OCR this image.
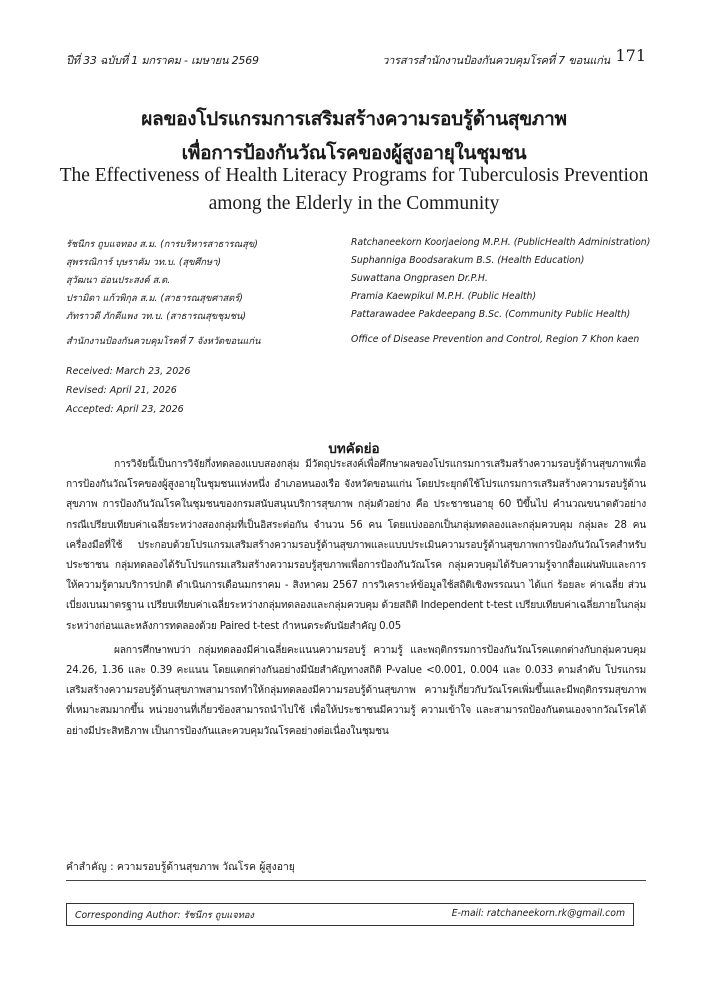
ปีที่ 33 ฉบับที่ 1 มกราคม - เมษายน 2569	วารสารสำนักงานป้องกันควบคุมโรคที่ 7 ขอนแก่น 171
ผลของโปรแกรมการเสริมสร้างความรอบรู้ด้านสุขภาพ
เพื่อการป้องกันวัณโรคของผู้สูงอายุในชุมชน
The Effectiveness of Health Literacy Programs for Tuberculosis Prevention
among the Elderly in the Community
รัชนีกร ถูบแจทอง ส.ม. (การบริหารสาธารณสุข)	Ratchaneekorn Koorjaeiong M.P.H. (PublicHealth Administration)
สุพรรณิการ์ บุษราคัม วท.บ. (สุขศึกษา)	Suphanniga Boodsarakum B.S. (Health Education)
สุวัฒนา อ่อนประสงค์ ส.ด.	Suwattana Ongprasen Dr.P.H.
ปรามิดา แก้วพิกุล ส.ม. (สาธารณสุขศาสตร์)	Pramia Kaewpikul M.P.H. (Public Health)
ภัทราวดี ภักดีแพง วท.บ. (สาธารณสุขชุมชน)	Pattarawadee Pakdeepang B.Sc. (Community Public Health)
สำนักงานป้องกันควบคุมโรคที่ 7 จังหวัดขอนแก่น	Office of Disease Prevention and Control, Region 7 Khon kaen
Received: March 23, 2026
Revised: April 21, 2026
Accepted: April 23, 2026
บทคัดย่อ

การวิจัยนี้เป็นการวิจัยกึ่งทดลองแบบสองกลุ่ม มีวัตถุประสงค์เพื่อศึกษาผลของโปรแกรมการเสริมสร้างความรอบรู้ด้านสุขภาพเพื่อการป้องกันวัณโรคของผู้สูงอายุในชุมชนแห่งหนึ่ง อำเภอหนองเรือ จังหวัดขอนแก่น โดยประยุกต์ใช้โปรแกรมการเสริมสร้างความรอบรู้ด้านสุขภาพ การป้องกันวัณโรคในชุมชนของกรมสนับสนุนบริการสุขภาพ กลุ่มตัวอย่าง คือ ประชาชนอายุ 60 ปีขึ้นไป คำนวณขนาดตัวอย่างกรณีเปรียบเทียบค่าเฉลี่ยระหว่างสองกลุ่มที่เป็นอิสระต่อกัน จำนวน 56 คน โดยแบ่งออกเป็นกลุ่มทดลองและกลุ่มควบคุม กลุ่มละ 28 คน เครื่องมือที่ใช้ ประกอบด้วยโปรแกรมเสริมสร้างความรอบรู้ด้านสุขภาพและแบบประเมินความรอบรู้ด้านสุขภาพการป้องกันวัณโรคสำหรับประชาชน กลุ่มทดลองได้รับโปรแกรมเสริมสร้างความรอบรู้สุขภาพเพื่อการป้องกันวัณโรค กลุ่มควบคุมได้รับความรู้จากสื่อแผ่นพับและการให้ความรู้ตามบริการปกติ ดำเนินการเดือนมกราคม - สิงหาคม 2567 การวิเคราะห์ข้อมูลใช้สถิติเชิงพรรณนา ได้แก่ ร้อยละ ค่าเฉลี่ย ส่วนเบี่ยงเบนมาตรฐาน เปรียบเทียบค่าเฉลี่ยระหว่างกลุ่มทดลองและกลุ่มควบคุม ด้วยสถิติ Independent t-test เปรียบเทียบค่าเฉลี่ยภายในกลุ่ม ระหว่างก่อนและหลังการทดลองด้วย Paired t-test กำหนดระดับนัยสำคัญ 0.05

ผลการศึกษาพบว่า กลุ่มทดลองมีค่าเฉลี่ยคะแนนความรอบรู้ ความรู้ และพฤติกรรมการป้องกันวัณโรคแตกต่างกับกลุ่มควบคุม 24.26, 1.36 และ 0.39 คะแนน โดยแตกต่างกันอย่างมีนัยสำคัญทางสถิติ P-value <0.001, 0.004 และ 0.033 ตามลำดับ โปรแกรมเสริมสร้างความรอบรู้ด้านสุขภาพสามารถทำให้กลุ่มทดลองมีความรอบรู้ด้านสุขภาพ ความรู้เกี่ยวกับวัณโรคเพิ่มขึ้นและมีพฤติกรรมสุขภาพที่เหมาะสมมากขึ้น หน่วยงานที่เกี่ยวข้องสามารถนำไปใช้ เพื่อให้ประชาชนมีความรู้ ความเข้าใจ และสามารถป้องกันตนเองจากวัณโรคได้อย่างมีประสิทธิภาพ เป็นการป้องกันและควบคุมวัณโรคอย่างต่อเนื่องในชุมชน

คำสำคัญ : ความรอบรู้ด้านสุขภาพ วัณโรค ผู้สูงอายุ
Corresponding Author: รัชนีกร ถูบแจทอง	E-mail: ratchaneekorn.rk@gmail.com
